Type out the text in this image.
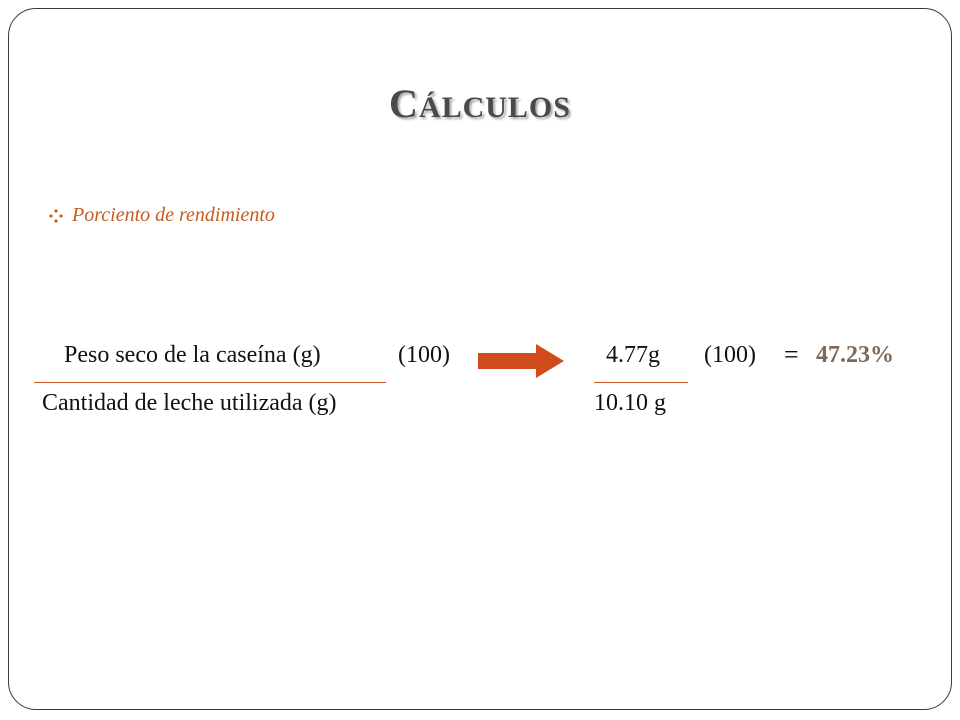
CÁLCULOS
Porciento de rendimiento
Peso seco de la caseína (g)
Cantidad de leche utilizada (g)
(100)	4.77g
10.10 g
(100) = 47.23%
